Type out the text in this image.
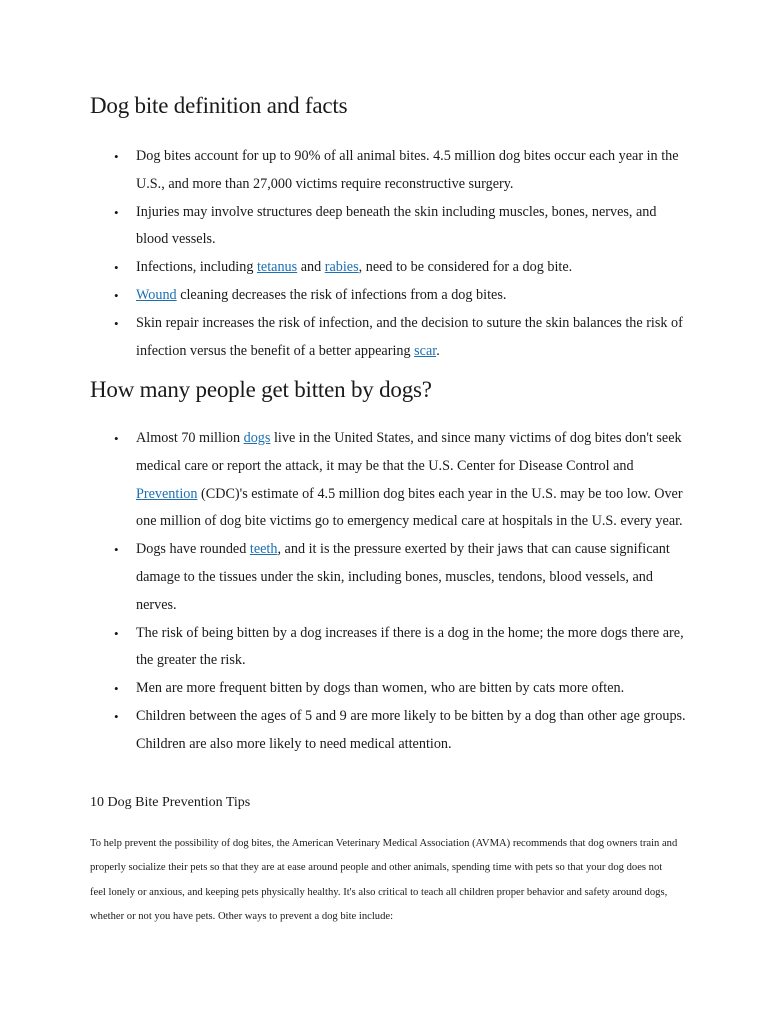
Dog bite definition and facts
• Dog bites account for up to 90% of all animal bites. 4.5 million dog bites occur each year in the U.S., and more than 27,000 victims require reconstructive surgery.
• Injuries may involve structures deep beneath the skin including muscles, bones, nerves, and blood vessels.
• Infections, including tetanus and rabies, need to be considered for a dog bite.
• Wound cleaning decreases the risk of infections from a dog bites.
• Skin repair increases the risk of infection, and the decision to suture the skin balances the risk of infection versus the benefit of a better appearing scar.
How many people get bitten by dogs?
• Almost 70 million dogs live in the United States, and since many victims of dog bites don't seek medical care or report the attack, it may be that the U.S. Center for Disease Control and Prevention (CDC)'s estimate of 4.5 million dog bites each year in the U.S. may be too low. Over one million of dog bite victims go to emergency medical care at hospitals in the U.S. every year.
• Dogs have rounded teeth, and it is the pressure exerted by their jaws that can cause significant damage to the tissues under the skin, including bones, muscles, tendons, blood vessels, and nerves.
• The risk of being bitten by a dog increases if there is a dog in the home; the more dogs there are, the greater the risk.
• Men are more frequent bitten by dogs than women, who are bitten by cats more often.
• Children between the ages of 5 and 9 are more likely to be bitten by a dog than other age groups. Children are also more likely to need medical attention.

10 Dog Bite Prevention Tips

To help prevent the possibility of dog bites, the American Veterinary Medical Association (AVMA) recommends that dog owners train and properly socialize their pets so that they are at ease around people and other animals, spending time with pets so that your dog does not feel lonely or anxious, and keeping pets physically healthy. It's also critical to teach all children proper behavior and safety around dogs, whether or not you have pets. Other ways to prevent a dog bite include:
